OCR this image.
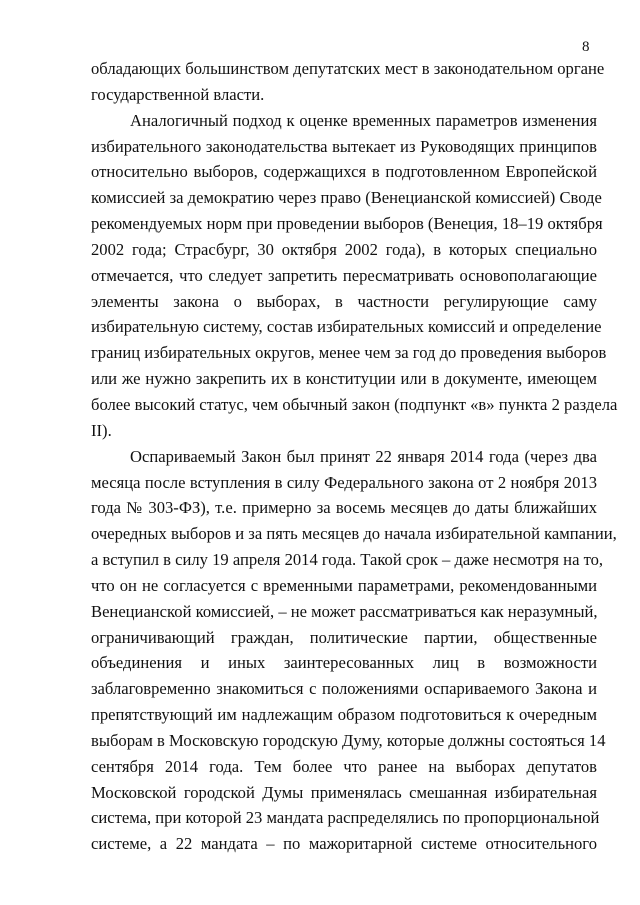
8
обладающих большинством депутатских мест в законодательном органе
государственной власти.
Аналогичный подход к оценке временных параметров изменения
избирательного законодательства вытекает из Руководящих принципов
относительно выборов, содержащихся в подготовленном Европейской
комиссией за демократию через право (Венецианской комиссией) Своде
рекомендуемых норм при проведении выборов (Венеция, 18–19 октября
2002 года; Страсбург, 30 октября 2002 года), в которых специально
отмечается, что следует запретить пересматривать основополагающие
элементы закона о выборах, в частности регулирующие саму
избирательную систему, состав избирательных комиссий и определение
границ избирательных округов, менее чем за год до проведения выборов
или же нужно закрепить их в конституции или в документе, имеющем
более высокий статус, чем обычный закон (подпункт «в» пункта 2 раздела
II).
Оспариваемый Закон был принят 22 января 2014 года (через два
месяца после вступления в силу Федерального закона от 2 ноября 2013
года № 303-ФЗ), т.е. примерно за восемь месяцев до даты ближайших
очередных выборов и за пять месяцев до начала избирательной кампании,
а вступил в силу 19 апреля 2014 года. Такой срок – даже несмотря на то,
что он не согласуется с временными параметрами, рекомендованными
Венецианской комиссией, – не может рассматриваться как неразумный,
ограничивающий граждан, политические партии, общественные
объединения и иных заинтересованных лиц в возможности
заблаговременно знакомиться с положениями оспариваемого Закона и
препятствующий им надлежащим образом подготовиться к очередным
выборам в Московскую городскую Думу, которые должны состояться 14
сентября 2014 года. Тем более что ранее на выборах депутатов
Московской городской Думы применялась смешанная избирательная
система, при которой 23 мандата распределялись по пропорциональной
системе, а 22 мандата – по мажоритарной системе относительного
